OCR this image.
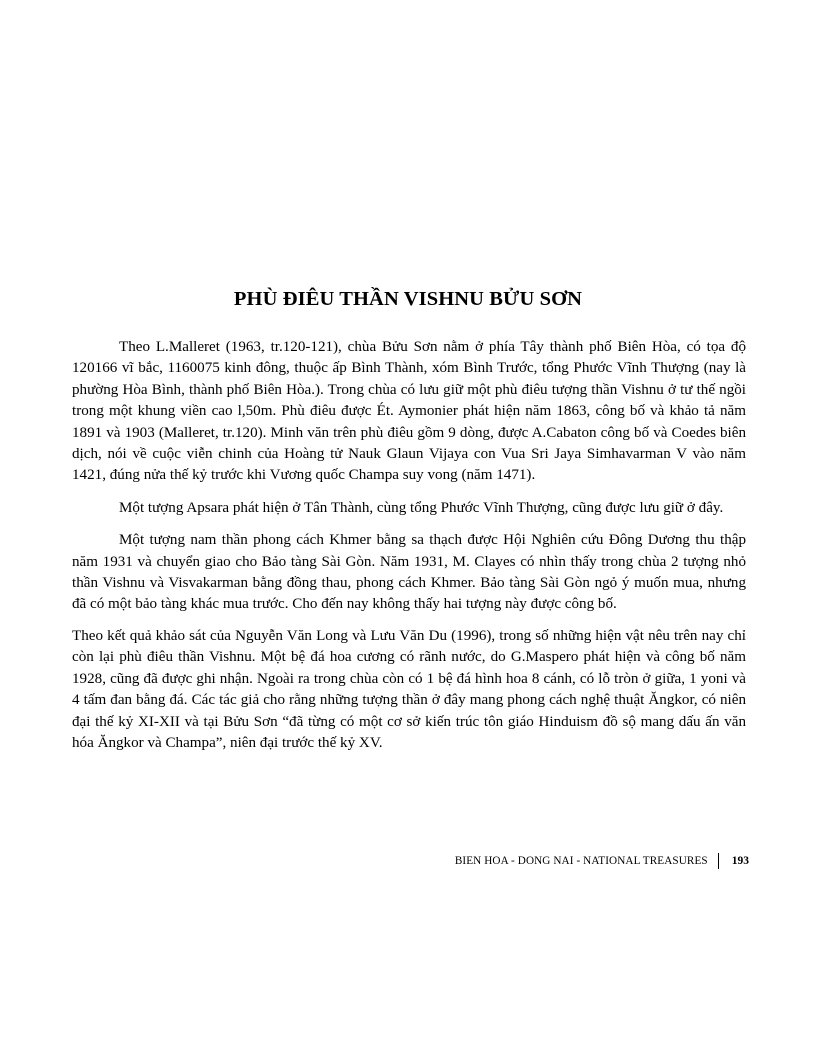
PHÙ ĐIÊU THẦN VISHNU BỬU SƠN

Theo L.Malleret (1963, tr.120-121), chùa Bửu Sơn nằm ở phía Tây thành phố Biên Hòa, có tọa độ 120166 vĩ bắc, 1160075 kinh đông, thuộc ấp Bình Thành, xóm Bình Trước, tổng Phước Vĩnh Thượng (nay là phường Hòa Bình, thành phố Biên Hòa.). Trong chùa có lưu giữ một phù điêu tượng thần Vishnu ở tư thế ngồi trong một khung viền cao l,50m. Phù điêu được Ét. Aymonier phát hiện năm 1863, công bố và khảo tả năm 1891 và 1903 (Malleret, tr.120). Minh văn trên phù điêu gồm 9 dòng, được A.Cabaton công bố và Coedes biên dịch, nói về cuộc viễn chinh của Hoàng tử Nauk Glaun Vijaya con Vua Sri Jaya Simhavarman V vào năm 1421, đúng nửa thế kỷ trước khi Vương quốc Champa suy vong (năm 1471).

Một tượng Apsara phát hiện ở Tân Thành, cùng tổng Phước Vĩnh Thượng, cũng được lưu giữ ở đây.

Một tượng nam thần phong cách Khmer bằng sa thạch được Hội Nghiên cứu Đông Dương thu thập năm 1931 và chuyển giao cho Bảo tàng Sài Gòn. Năm 1931, M. Clayes có nhìn thấy trong chùa 2 tượng nhỏ thần Vishnu và Visvakarman bằng đồng thau, phong cách Khmer. Bảo tàng Sài Gòn ngỏ ý muốn mua, nhưng đã có một bảo tàng khác mua trước. Cho đến nay không thấy hai tượng này được công bố.

Theo kết quả khảo sát của Nguyễn Văn Long và Lưu Văn Du (1996), trong số những hiện vật nêu trên nay chỉ còn lại phù điêu thần Vishnu. Một bệ đá hoa cương có rãnh nước, do G.Maspero phát hiện và công bố năm 1928, cũng đã được ghi nhận. Ngoài ra trong chùa còn có 1 bệ đá hình hoa 8 cánh, có lỗ tròn ở giữa, 1 yoni và 4 tấm đan bằng đá. Các tác giả cho rằng những tượng thần ở đây mang phong cách nghệ thuật Ăngkor, có niên đại thế kỷ XI-XII và tại Bửu Sơn “đã từng có một cơ sở kiến trúc tôn giáo Hinduism đồ sộ mang dấu ấn văn hóa Ăngkor và Champa”, niên đại trước thế kỷ XV.

BIEN HOA - DONG NAI - NATIONAL TREASURES 193
